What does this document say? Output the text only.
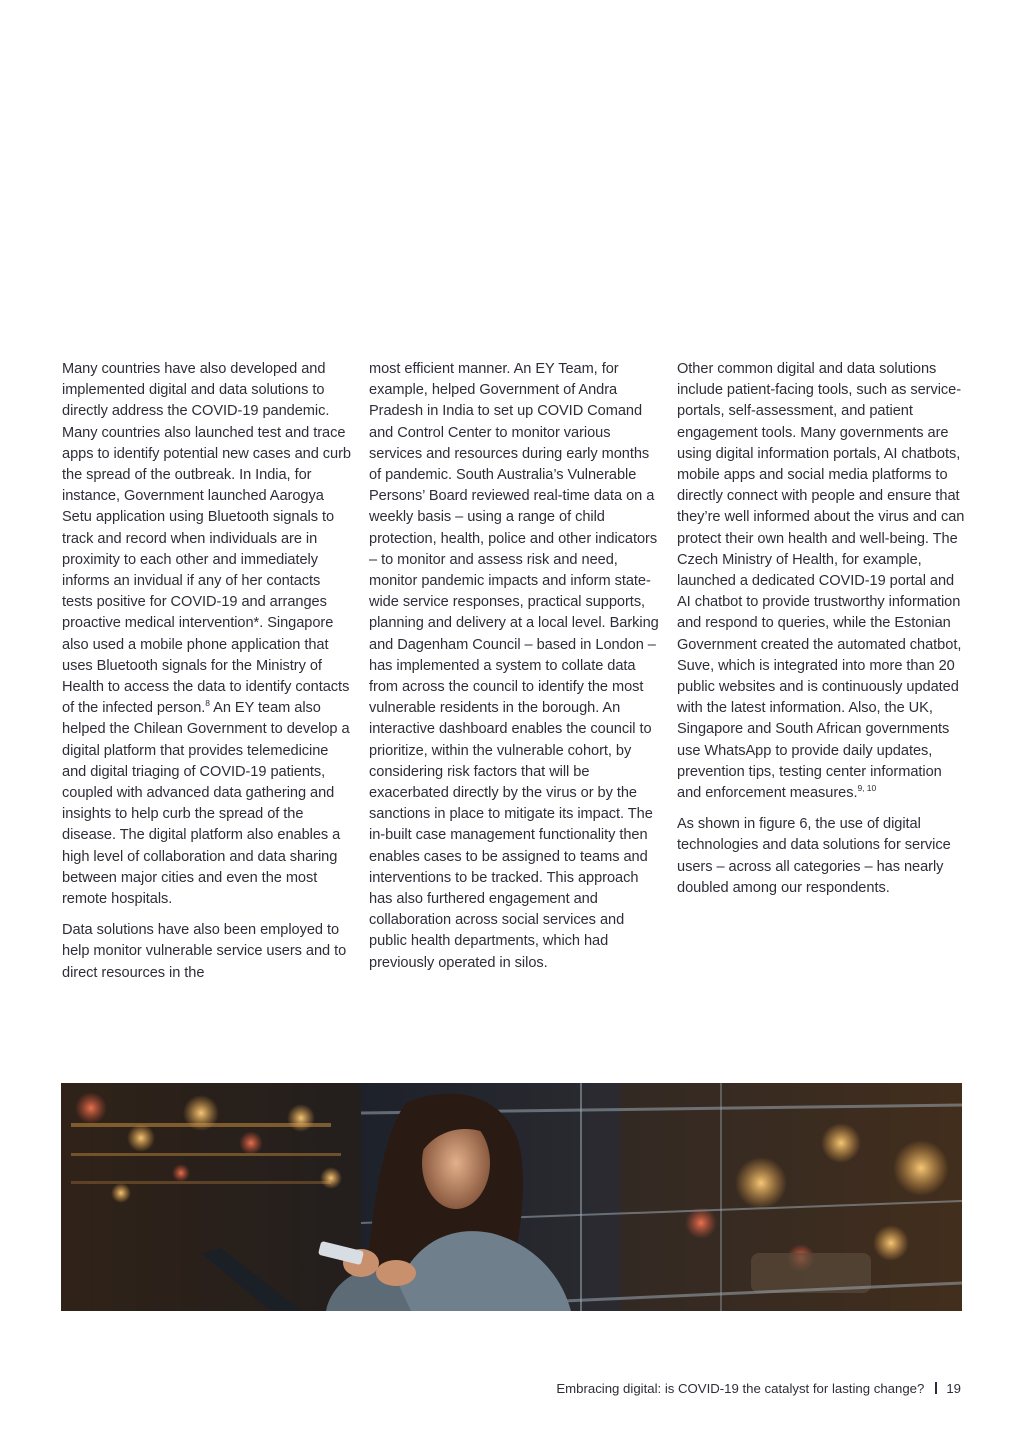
Many countries have also developed and implemented digital and data solutions to directly address the COVID-19 pandemic. Many countries also launched test and trace apps to identify potential new cases and curb the spread of the outbreak. In India, for instance, Government launched Aarogya Setu application using Bluetooth signals to track and record when individuals are in proximity to each other and immediately informs an invidual if any of her contacts tests positive for COVID-19 and arranges proactive medical intervention*. Singapore also used a mobile phone application that uses Bluetooth signals for the Ministry of Health to access the data to identify contacts of the infected person.$^8$ An EY team also helped the Chilean Government to develop a digital platform that provides telemedicine and digital triaging of COVID-19 patients, coupled with advanced data gathering and insights to help curb the spread of the disease. The digital platform also enables a high level of collaboration and data sharing between major cities and even the most remote hospitals.

Data solutions have also been employed to help monitor vulnerable service users and to direct resources in the

most efficient manner. An EY Team, for example, helped Government of Andra Pradesh in India to set up COVID Comand and Control Center to monitor various services and resources during early months of pandemic. South Australia’s Vulnerable Persons’ Board reviewed real-time data on a weekly basis – using a range of child protection, health, police and other indicators – to monitor and assess risk and need, monitor pandemic impacts and inform state-wide service responses, practical supports, planning and delivery at a local level. Barking and Dagenham Council – based in London – has implemented a system to collate data from across the council to identify the most vulnerable residents in the borough. An interactive dashboard enables the council to prioritize, within the vulnerable cohort, by considering risk factors that will be exacerbated directly by the virus or by the sanctions in place to mitigate its impact. The in-built case management functionality then enables cases to be assigned to teams and interventions to be tracked. This approach has also furthered engagement and collaboration across social services and public health departments, which had previously operated in silos.

Other common digital and data solutions include patient-facing tools, such as service-portals, self-assessment, and patient engagement tools. Many governments are using digital information portals, AI chatbots, mobile apps and social media platforms to directly connect with people and ensure that they’re well informed about the virus and can protect their own health and well-being. The Czech Ministry of Health, for example, launched a dedicated COVID-19 portal and AI chatbot to provide trustworthy information and respond to queries, while the Estonian Government created the automated chatbot, Suve, which is integrated into more than 20 public websites and is continuously updated with the latest information. Also, the UK, Singapore and South African governments use WhatsApp to provide daily updates, prevention tips, testing center information and enforcement measures.$^{9, 10}$

As shown in figure 6, the use of digital technologies and data solutions for service users – across all categories – has nearly doubled among our respondents.

Embracing digital: is COVID-19 the catalyst for lasting change? 19
